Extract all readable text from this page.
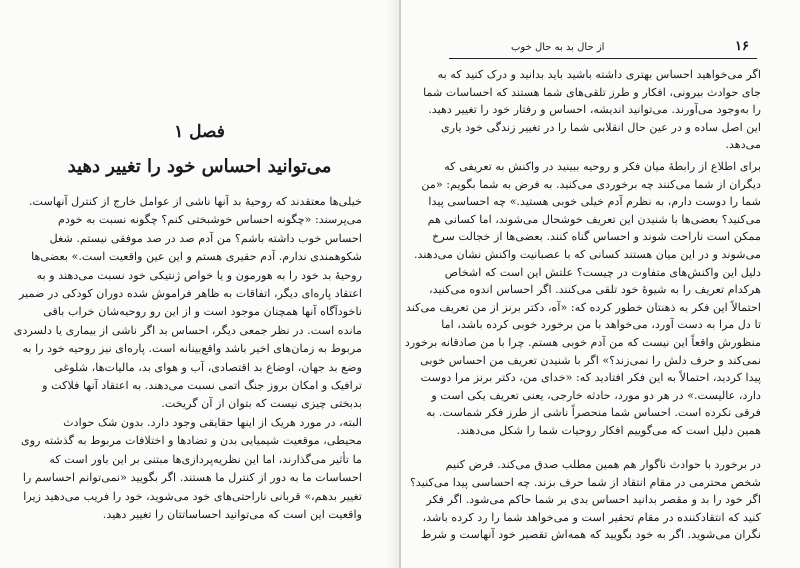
فصل ۱
می‌توانید احساس خود را تغییر دهید
خیلی‌ها معتقدند که روحیهٔ بد آنها ناشی از عوامل خارج از کنترل آنهاست.
می‌پرسند: «چگونه احساس خوشبختی کنم؟ چگونه نسبت به خودم
احساس خوب داشته باشم؟ من آدم صد در صد موفقی نیستم. شغل
شکوهمندی ندارم. آدم حقیری هستم و این عین واقعیت است.» بعضی‌ها
روحیهٔ بد خود را به هورمون و یا خواص ژنتیکی خود نسبت می‌دهند و به
اعتقاد پاره‌ای دیگر، اتفاقات به ظاهر فراموش شده دوران کودکی در ضمیر
ناخودآگاه آنها همچنان موجود است و از این رو روحیه‌شان خراب باقی
مانده است. در نظر جمعی دیگر، احساس بد اگر ناشی از بیماری یا دلسردی
مربوط به زمان‌های اخیر باشد واقع‌بینانه است. پاره‌ای نیز روحیه خود را به
وضع بد جهان، اوضاع بد اقتصادی، آب و هوای بد، مالیات‌ها، شلوغی
ترافیک و امکان بروز جنگ اتمی نسبت می‌دهند. به اعتقاد آنها فلاکت و
بدبختی چیزی نیست که بتوان از آن گریخت.
البته، در مورد هریک از اینها حقایقی وجود دارد. بدون شک حوادث
محیطی، موقعیت شیمیایی بدن و تضادها و اختلافات مربوط به گذشته روی
ما تأثیر می‌گذارند، اما این نظریه‌پردازی‌ها مبتنی بر این باور است که
احساسات ما به دور از کنترل ما هستند. اگر بگویید «نمی‌توانم احساسم را
تغییر بدهم،» قربانی ناراحتی‌های خود می‌شوید، خود را فریب می‌دهید زیرا
واقعیت این است که می‌توانید احساساتتان را تغییر دهید.
از حال بد به حال خوب	۱۶
اگر می‌خواهید احساس بهتری داشته باشید باید بدانید و درک کنید که به
جای حوادث بیرونی، افکار و طرز تلقی‌های شما هستند که احساسات شما
را به‌وجود می‌آورند. می‌توانید اندیشه، احساس و رفتار خود را تغییر دهید.
این اصل ساده و در عین حال انقلابی شما را در تغییر زندگی خود یاری
می‌دهد.
برای اطلاع از رابطهٔ میان فکر و روحیه ببینید در واکنش به تعریفی که
دیگران از شما می‌کنند چه برخوردی می‌کنید. به فرض به شما بگویم: «من
شما را دوست دارم، به نظرم آدم خیلی خوبی هستید.» چه احساسی پیدا
می‌کنید؟ بعضی‌ها با شنیدن این تعریف خوشحال می‌شوند، اما کسانی هم
ممکن است ناراحت شوند و احساس گناه کنند. بعضی‌ها از خجالت سرخ
می‌شوند و در این میان هستند کسانی که با عصبانیت واکنش نشان می‌دهند.
دلیل این واکنش‌های متفاوت در چیست؟ علتش این است که اشخاص
هرکدام تعریف را به شیوهٔ خود تلقی می‌کنند. اگر احساس اندوه می‌کنید،
احتمالاً این فکر به ذهنتان خطور کرده که: «آه، دکتر برنز از من تعریف می‌کند
تا دل مرا به دست آورد، می‌خواهد با من برخورد خوبی کرده باشد، اما
منظورش واقعاً این نیست که من آدم خوبی هستم. چرا با من صادقانه برخورد
نمی‌کند و حرف دلش را نمی‌زند؟» اگر با شنیدن تعریف من احساس خوبی
پیدا کردید، احتمالاً به این فکر افتادید که: «خدای من، دکتر برنز مرا دوست
دارد، عالیست.» در هر دو مورد، حادثه خارجی، یعنی تعریف یکی است و
فرقی نکرده است. احساس شما منحصراً ناشی از طرز فکر شماست. به
همین دلیل است که می‌گوییم افکار روحیات شما را شکل می‌دهند.
در برخورد با حوادث ناگوار هم همین مطلب صدق می‌کند. فرض کنیم
شخص محترمی در مقام انتقاد از شما حرف بزند. چه احساسی پیدا می‌کنید؟
اگر خود را بد و مقصر بدانید احساس بدی بر شما حاکم می‌شود. اگر فکر
کنید که انتقادکننده در مقام تحقیر است و می‌خواهد شما را رد کرده باشد،
نگران می‌شوید. اگر به خود بگویید که همه‌اش تقصیر خود آنهاست و شرط
